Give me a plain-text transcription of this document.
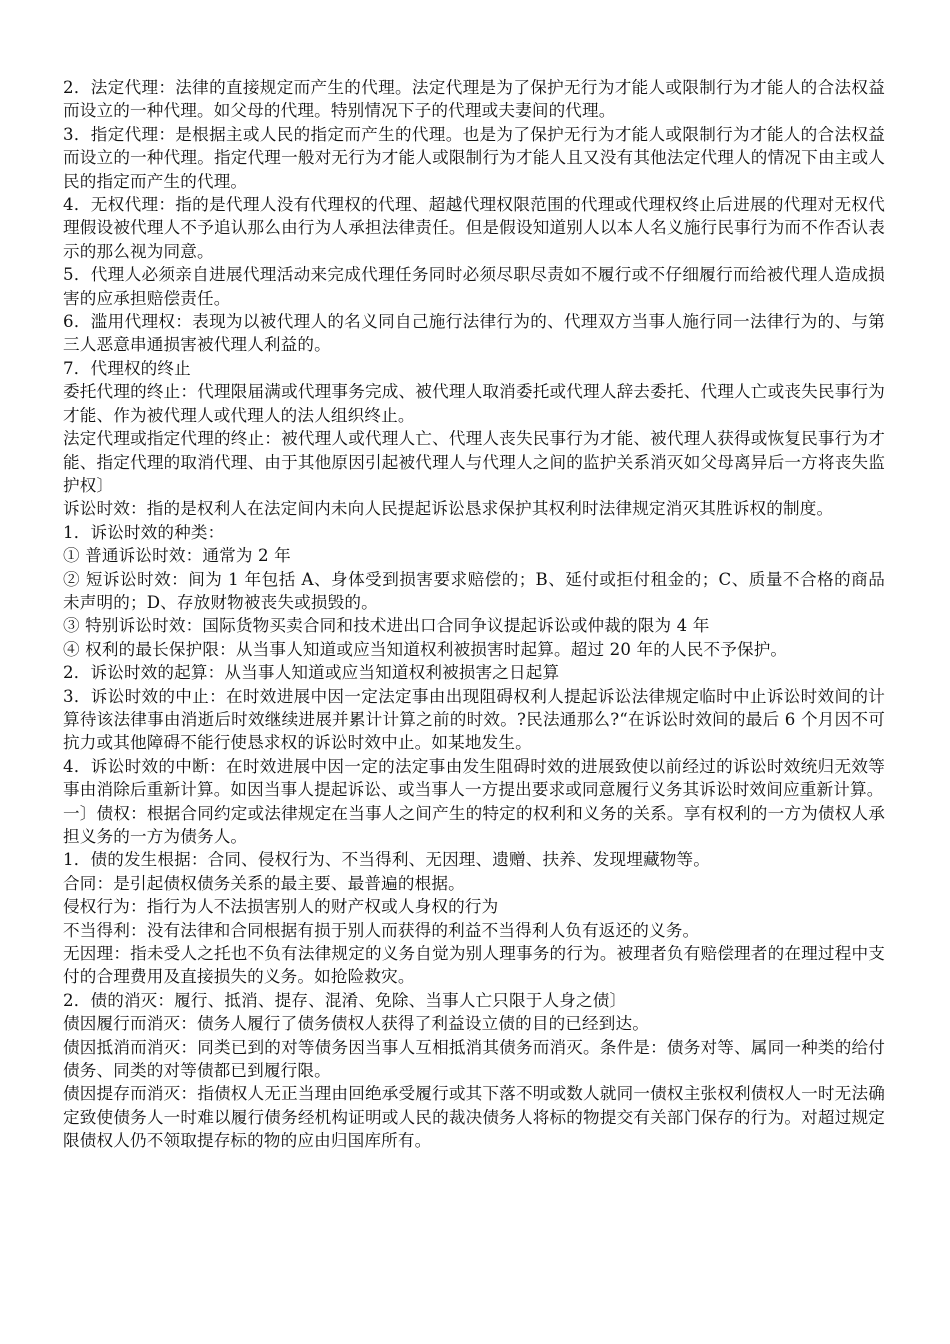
2．法定代理：法律的直接规定而产生的代理。法定代理是为了保护无行为才能人或限制行为才能人的合法权益而设立的一种代理。如父母的代理。特别情况下子的代理或夫妻间的代理。

3．指定代理：是根据主或人民的指定而产生的代理。也是为了保护无行为才能人或限制行为才能人的合法权益而设立的一种代理。指定代理一般对无行为才能人或限制行为才能人且又没有其他法定代理人的情况下由主或人民的指定而产生的代理。

4．无权代理：指的是代理人没有代理权的代理、超越代理权限范围的代理或代理权终止后进展的代理对无权代理假设被代理人不予追认那么由行为人承担法律责任。但是假设知道别人以本人名义施行民事行为而不作否认表示的那么视为同意。

5．代理人必须亲自进展代理活动来完成代理任务同时必须尽职尽责如不履行或不仔细履行而给被代理人造成损害的应承担赔偿责任。

6．滥用代理权：表现为以被代理人的名义同自己施行法律行为的、代理双方当事人施行同一法律行为的、与第三人恶意串通损害被代理人利益的。

7．代理权的终止

委托代理的终止：代理限届满或代理事务完成、被代理人取消委托或代理人辞去委托、代理人亡或丧失民事行为才能、作为被代理人或代理人的法人组织终止。

法定代理或指定代理的终止：被代理人或代理人亡、代理人丧失民事行为才能、被代理人获得或恢复民事行为才能、指定代理的取消代理、由于其他原因引起被代理人与代理人之间的监护关系消灭如父母离异后一方将丧失监护权〕

诉讼时效：指的是权利人在法定间内未向人民提起诉讼恳求保护其权利时法律规定消灭其胜诉权的制度。

1．诉讼时效的种类：

① 普通诉讼时效：通常为 2 年

② 短诉讼时效：间为 1 年包括 A、身体受到损害要求赔偿的；B、延付或拒付租金的；C、质量不合格的商品未声明的；D、存放财物被丧失或损毁的。

③ 特别诉讼时效：国际货物买卖合同和技术进出口合同争议提起诉讼或仲裁的限为 4 年

④ 权利的最长保护限：从当事人知道或应当知道权利被损害时起算。超过 20 年的人民不予保护。

2．诉讼时效的起算：从当事人知道或应当知道权利被损害之日起算

3．诉讼时效的中止：在时效进展中因一定法定事由出现阻碍权利人提起诉讼法律规定临时中止诉讼时效间的计算待该法律事由消逝后时效继续进展并累计计算之前的时效。?民法通那么?“在诉讼时效间的最后 6 个月因不可抗力或其他障碍不能行使恳求权的诉讼时效中止。如某地发生。

4．诉讼时效的中断：在时效进展中因一定的法定事由发生阻碍时效的进展致使以前经过的诉讼时效统归无效等事由消除后重新计算。如因当事人提起诉讼、或当事人一方提出要求或同意履行义务其诉讼时效间应重新计算。

一〕债权：根据合同约定或法律规定在当事人之间产生的特定的权利和义务的关系。享有权利的一方为债权人承担义务的一方为债务人。

1．债的发生根据：合同、侵权行为、不当得利、无因理、遗赠、扶养、发现埋藏物等。

合同：是引起债权债务关系的最主要、最普遍的根据。

侵权行为：指行为人不法损害别人的财产权或人身权的行为

不当得利：没有法律和合同根据有损于别人而获得的利益不当得利人负有返还的义务。

无因理：指未受人之托也不负有法律规定的义务自觉为别人理事务的行为。被理者负有赔偿理者的在理过程中支付的合理费用及直接损失的义务。如抢险救灾。

2．债的消灭：履行、抵消、提存、混淆、免除、当事人亡只限于人身之债〕

债因履行而消灭：债务人履行了债务债权人获得了利益设立债的目的已经到达。

债因抵消而消灭：同类已到的对等债务因当事人互相抵消其债务而消灭。条件是：债务对等、属同一种类的给付债务、同类的对等债都已到履行限。

债因提存而消灭：指债权人无正当理由回绝承受履行或其下落不明或数人就同一债权主张权利债权人一时无法确定致使债务人一时难以履行债务经机构证明或人民的裁决债务人将标的物提交有关部门保存的行为。对超过规定限债权人仍不领取提存标的物的应由归国库所有。
